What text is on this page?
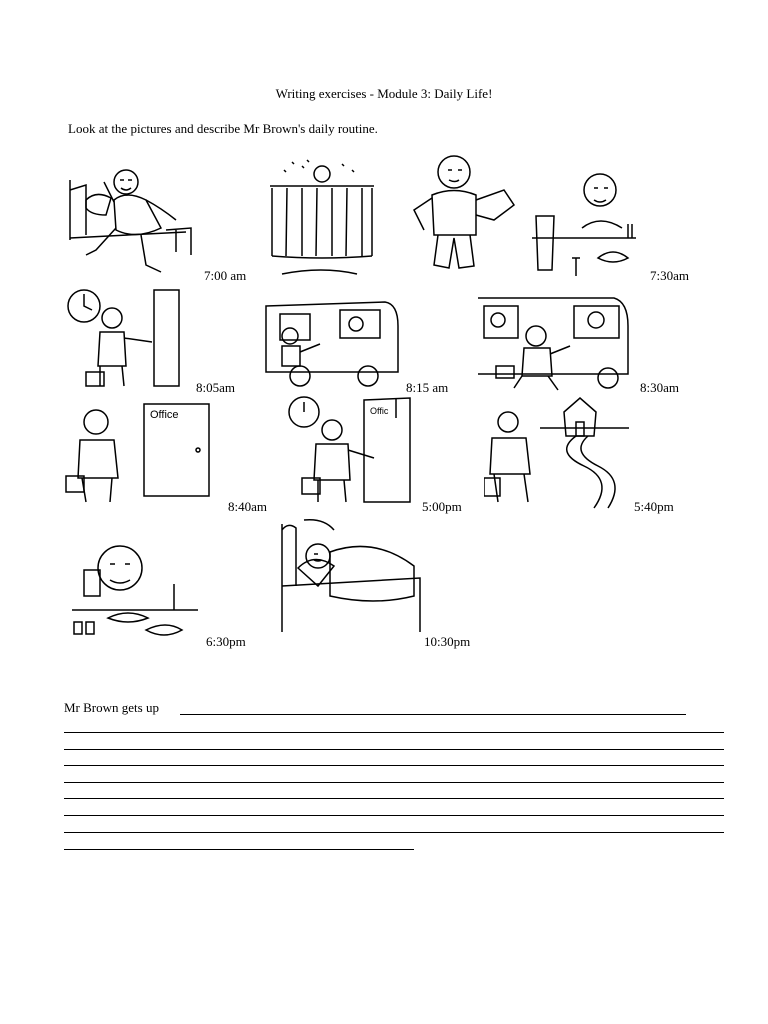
Writing exercises - Module 3: Daily Life!
Look at the pictures and describe Mr Brown's daily routine.
7:00 am	7:30am
8:05am	8:15 am	8:30am
Office
8:40am
Offic
5:00pm	5:40pm
6:30pm	10:30pm
Mr Brown gets up
